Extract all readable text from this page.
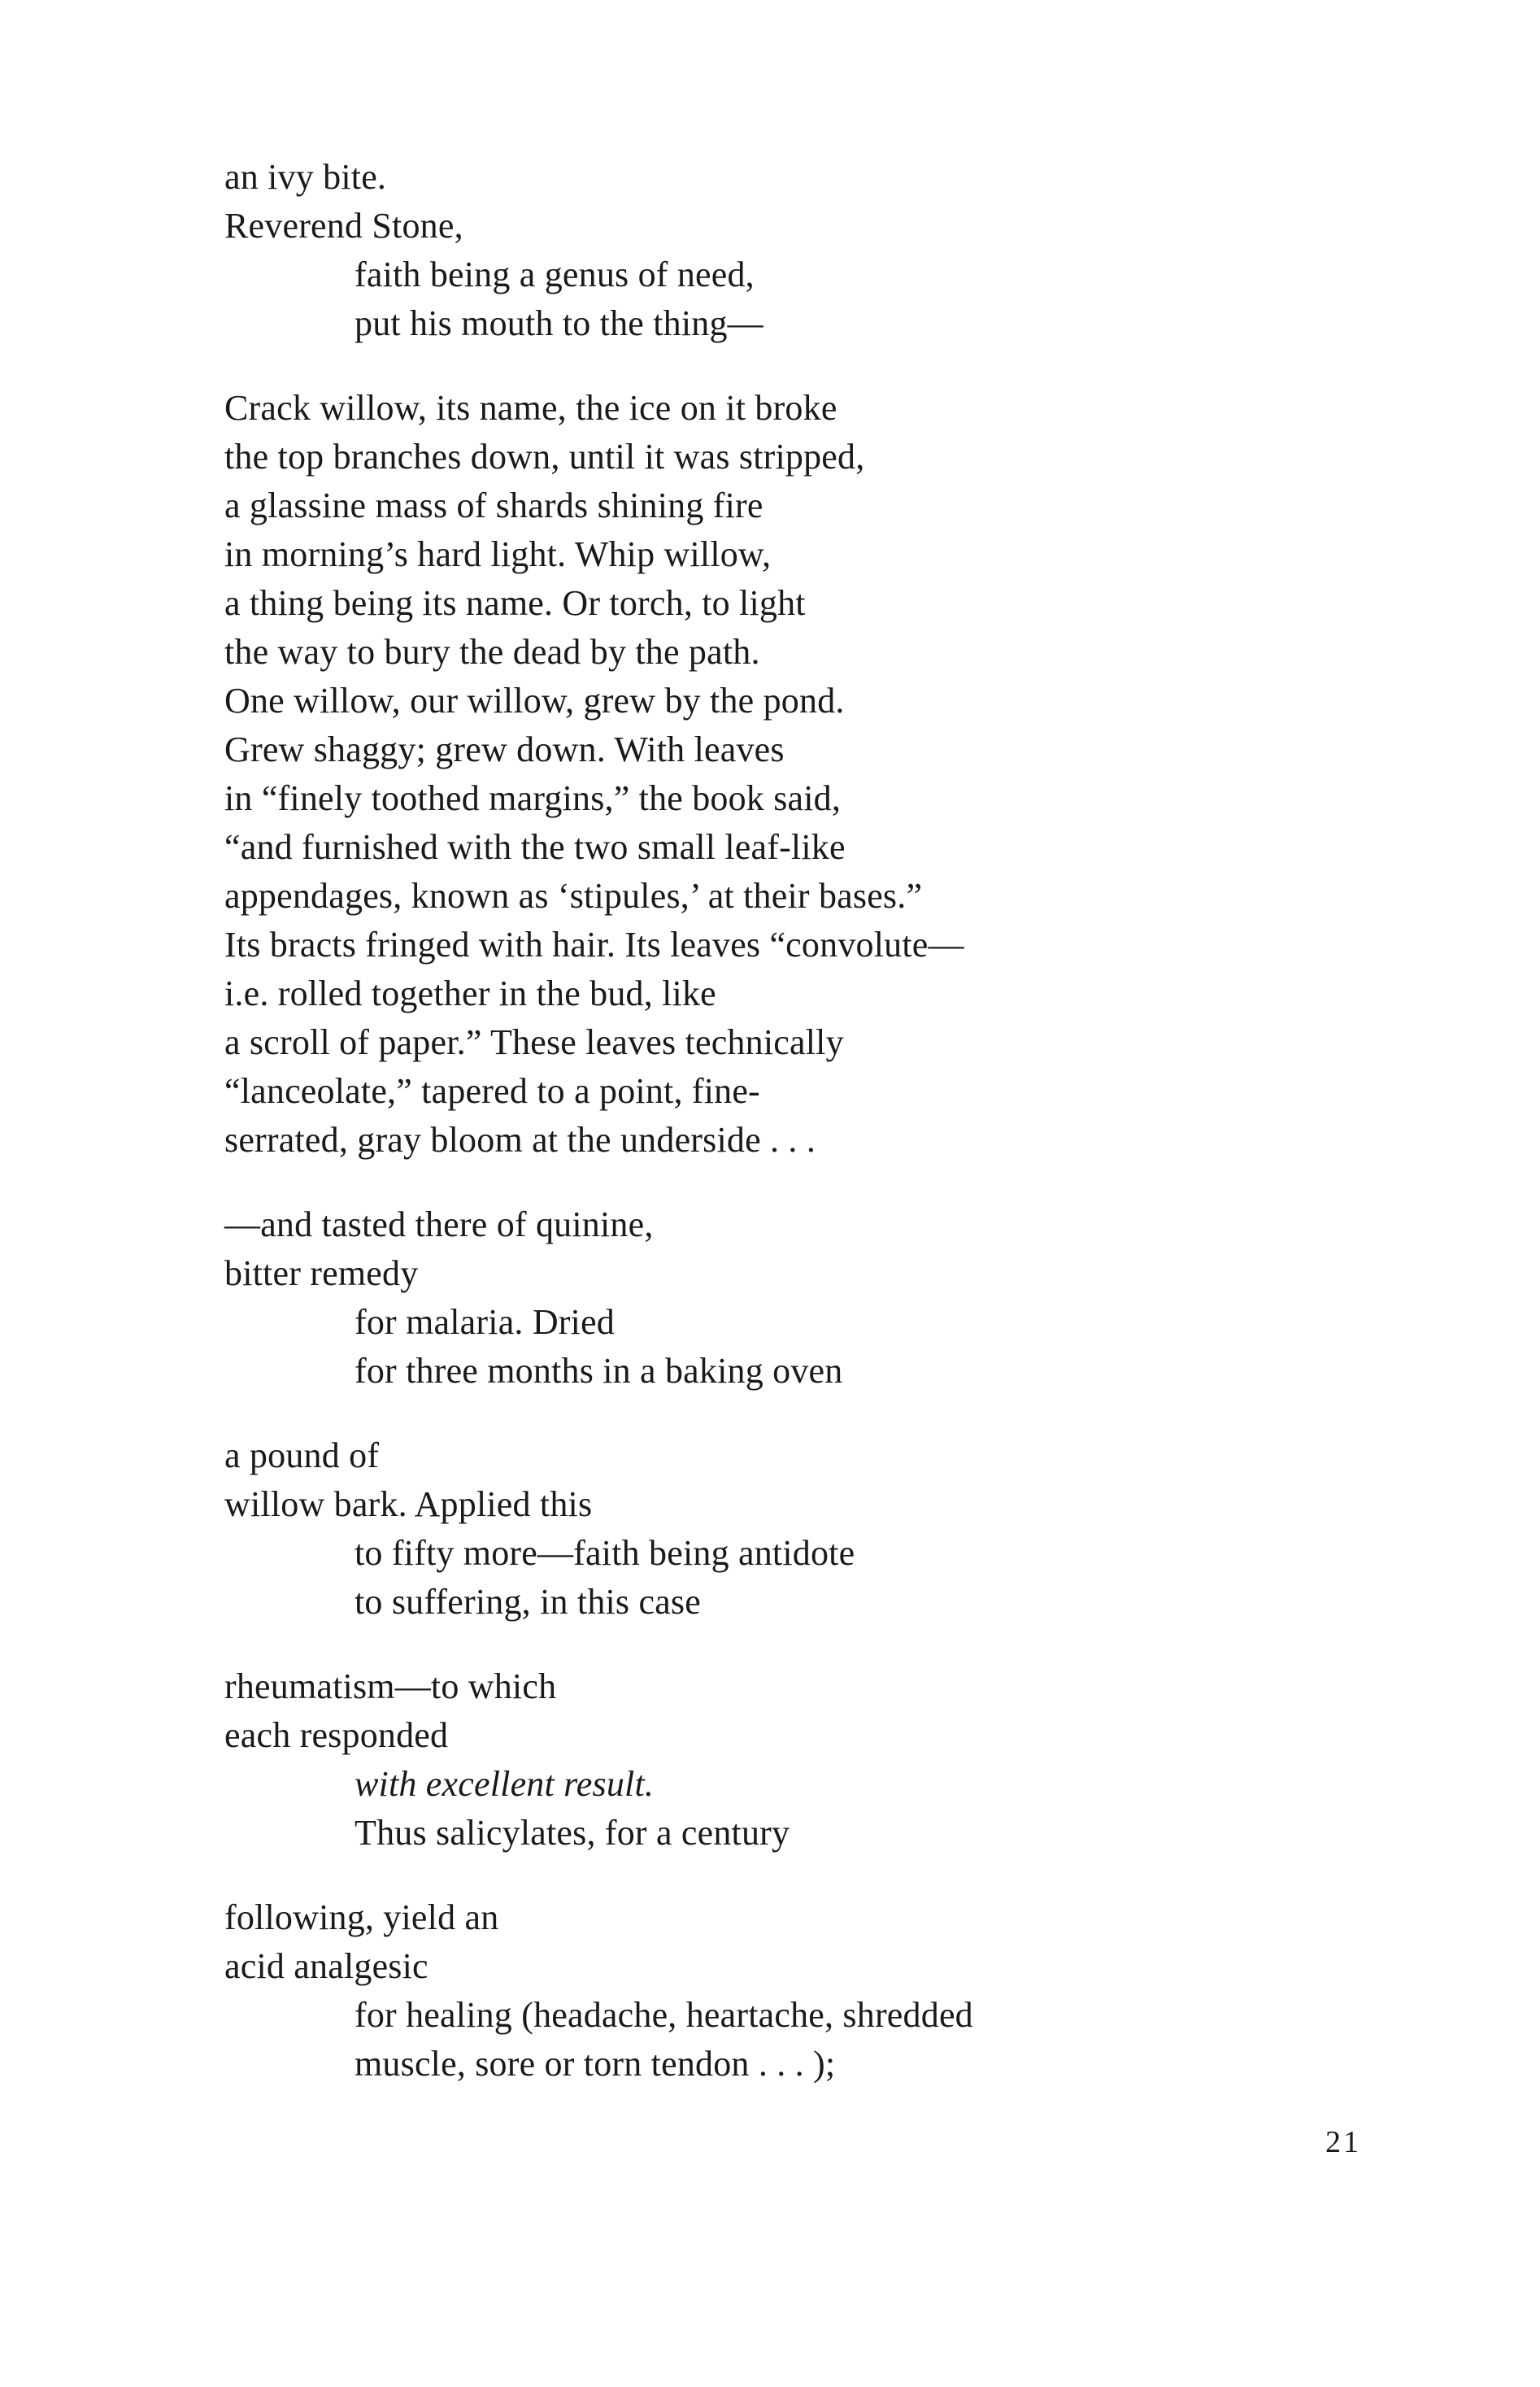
an ivy bite.
Reverend Stone,
faith being a genus of need,
put his mouth to the thing—
Crack willow, its name, the ice on it broke
the top branches down, until it was stripped,
a glassine mass of shards shining fire
in morning’s hard light. Whip willow,
a thing being its name. Or torch, to light
the way to bury the dead by the path.
One willow, our willow, grew by the pond.
Grew shaggy; grew down. With leaves
in “finely toothed margins,” the book said,
“and furnished with the two small leaf-like
appendages, known as ‘stipules,’ at their bases.”
Its bracts fringed with hair. Its leaves “convolute—
i.e. rolled together in the bud, like
a scroll of paper.” These leaves technically
“lanceolate,” tapered to a point, fine-
serrated, gray bloom at the underside . . .
—and tasted there of quinine,
bitter remedy
for malaria. Dried
for three months in a baking oven
a pound of
willow bark. Applied this
to fifty more—faith being antidote
to suffering, in this case
rheumatism—to which
each responded
with excellent result.
Thus salicylates, for a century
following, yield an
acid analgesic
for healing (headache, heartache, shredded
muscle, sore or torn tendon . . . );
21
